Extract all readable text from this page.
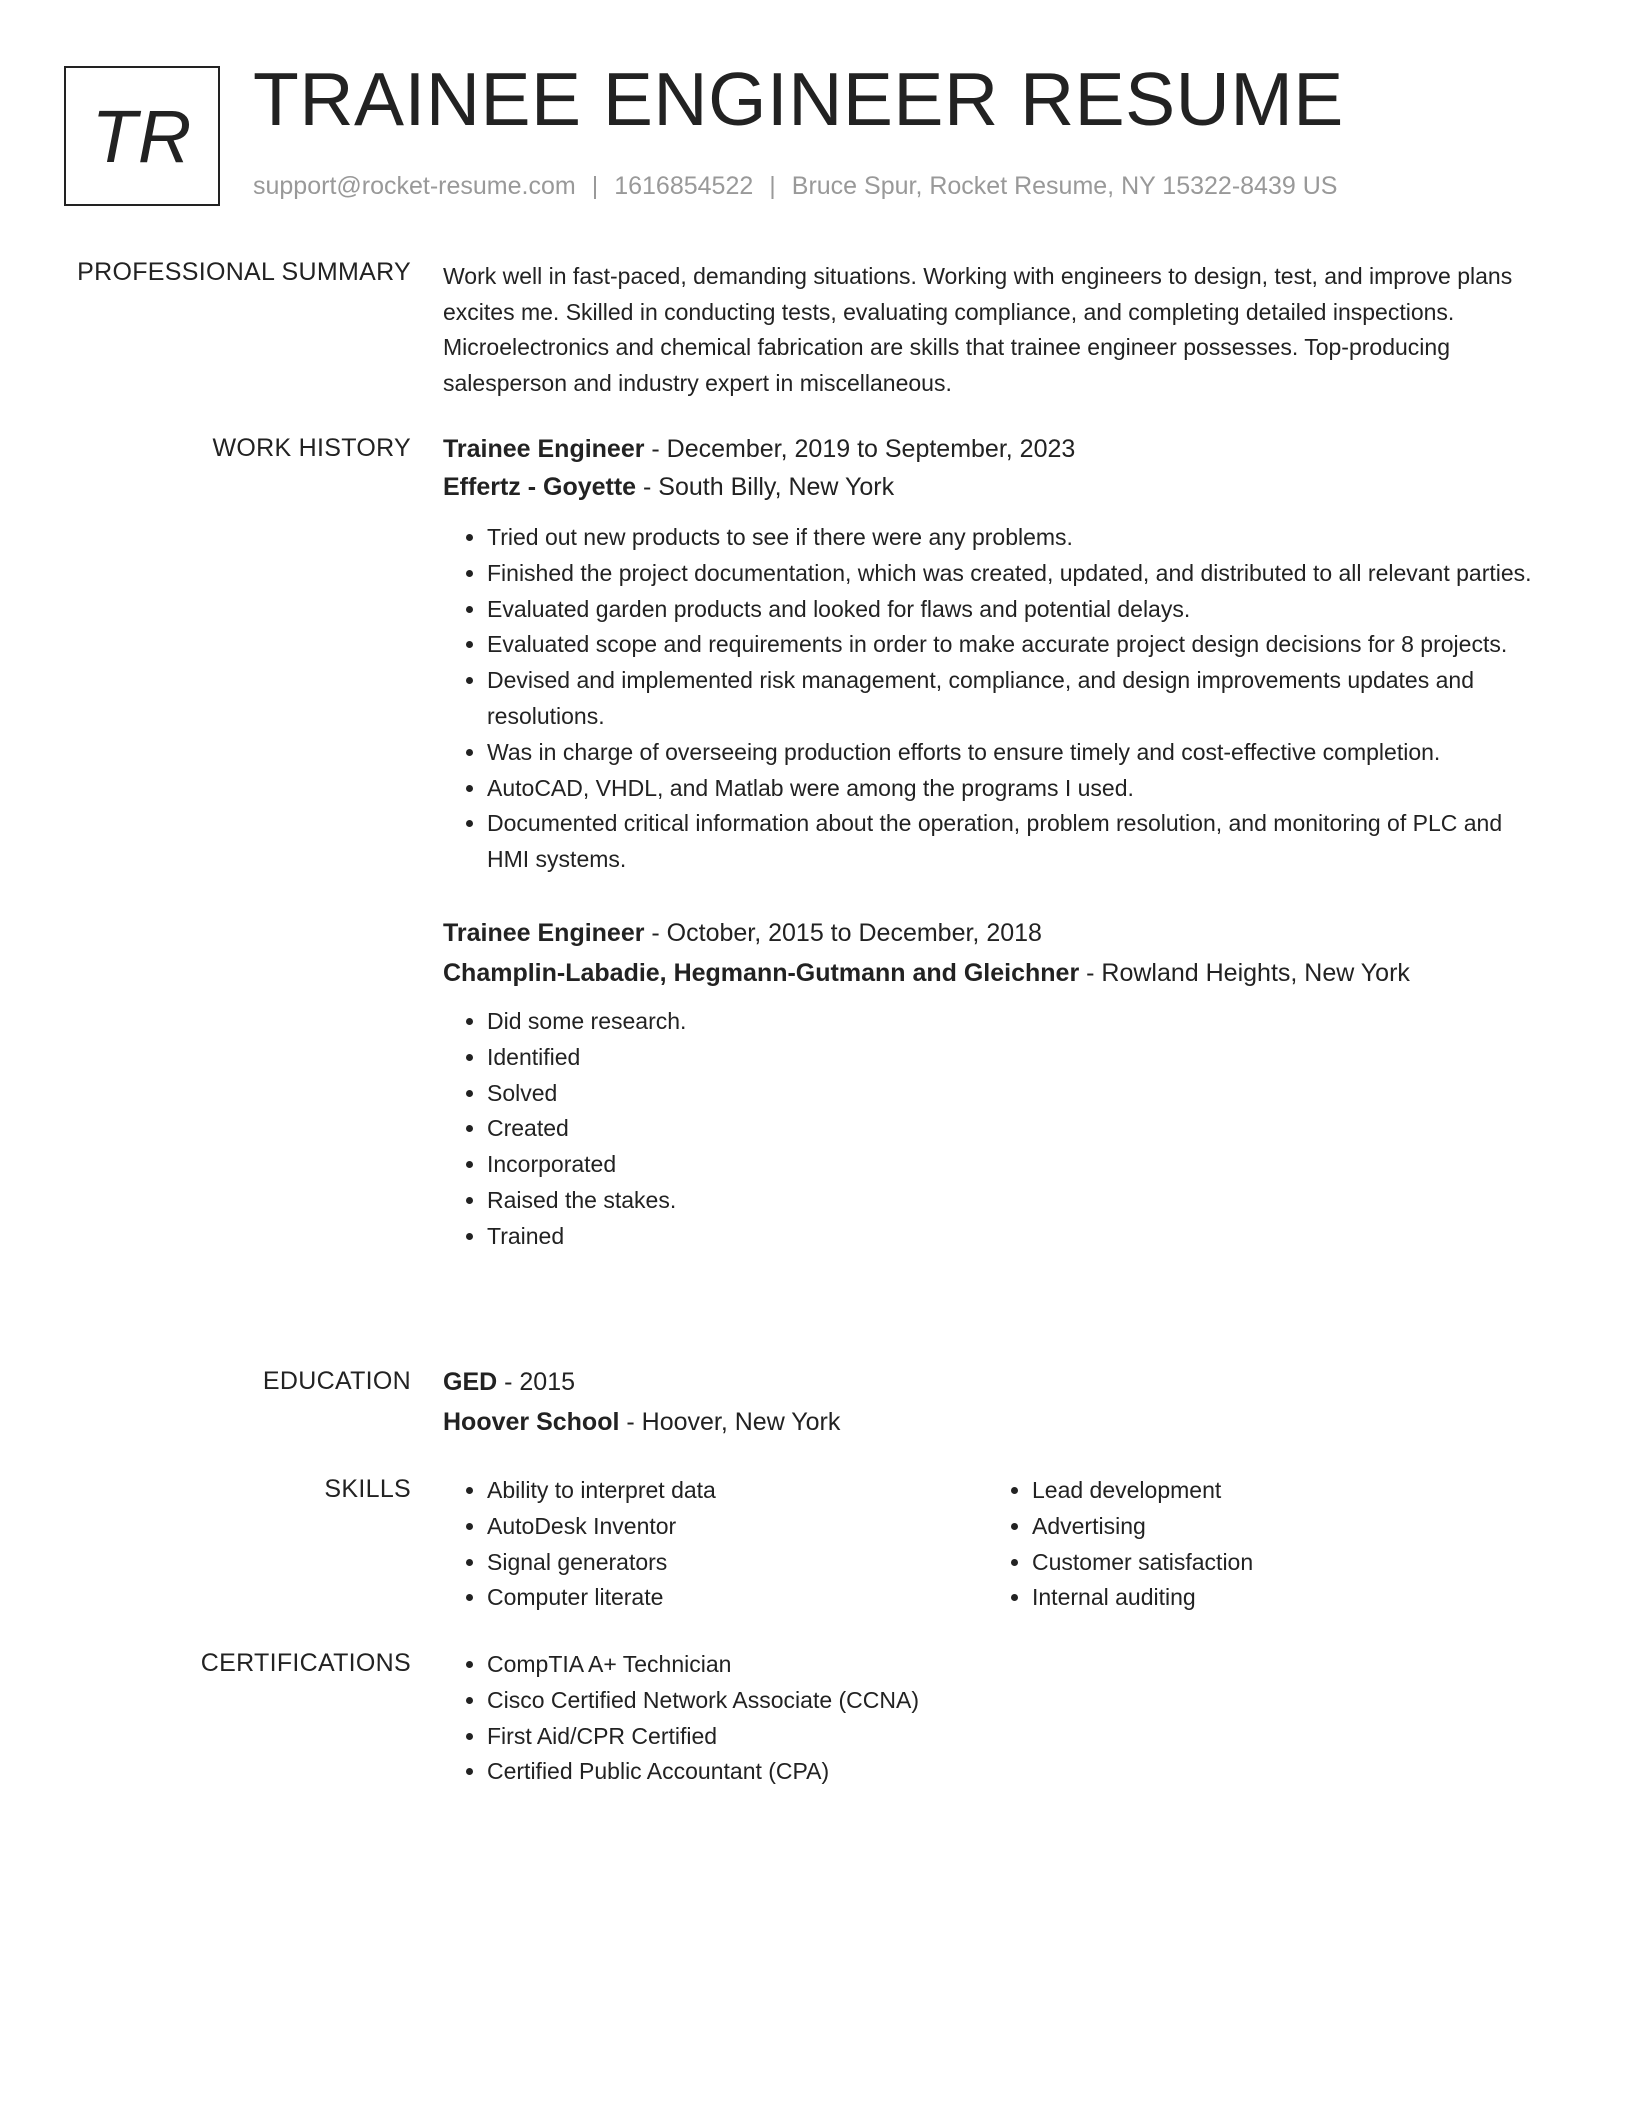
TR TRAINEE ENGINEER RESUME
support@rocket-resume.com | 1616854522 | Bruce Spur, Rocket Resume, NY 15322-8439 US
PROFESSIONAL SUMMARY Work well in fast-paced, demanding situations. Working with engineers to design, test, and improve plans excites me. Skilled in conducting tests, evaluating compliance, and completing detailed inspections. Microelectronics and chemical fabrication are skills that trainee engineer possesses. Top-producing salesperson and industry expert in miscellaneous.

WORK HISTORY Trainee Engineer - December, 2019 to September, 2023
Effertz - Goyette - South Billy, New York
• Tried out new products to see if there were any problems.
• Finished the project documentation, which was created, updated, and distributed to all relevant parties.
• Evaluated garden products and looked for flaws and potential delays.
• Evaluated scope and requirements in order to make accurate project design decisions for 8 projects.
• Devised and implemented risk management, compliance, and design improvements updates and resolutions.
• Was in charge of overseeing production efforts to ensure timely and cost-effective completion.
• AutoCAD, VHDL, and Matlab were among the programs I used.
• Documented critical information about the operation, problem resolution, and monitoring of PLC and HMI systems.
Trainee Engineer - October, 2015 to December, 2018
Champlin-Labadie, Hegmann-Gutmann and Gleichner - Rowland Heights, New York
• Did some research.
• Identified
• Solved
• Created
• Incorporated
• Raised the stakes.
• Trained
EDUCATION GED - 2015
Hoover School - Hoover, New York
SKILLS	• Ability to interpret data
• AutoDesk Inventor
• Signal generators
• Computer literate
• Lead development
• Advertising
• Customer satisfaction
• Internal auditing
CERTIFICATIONS	• CompTIA A+ Technician
• Cisco Certified Network Associate (CCNA)
• First Aid/CPR Certified
• Certified Public Accountant (CPA)
